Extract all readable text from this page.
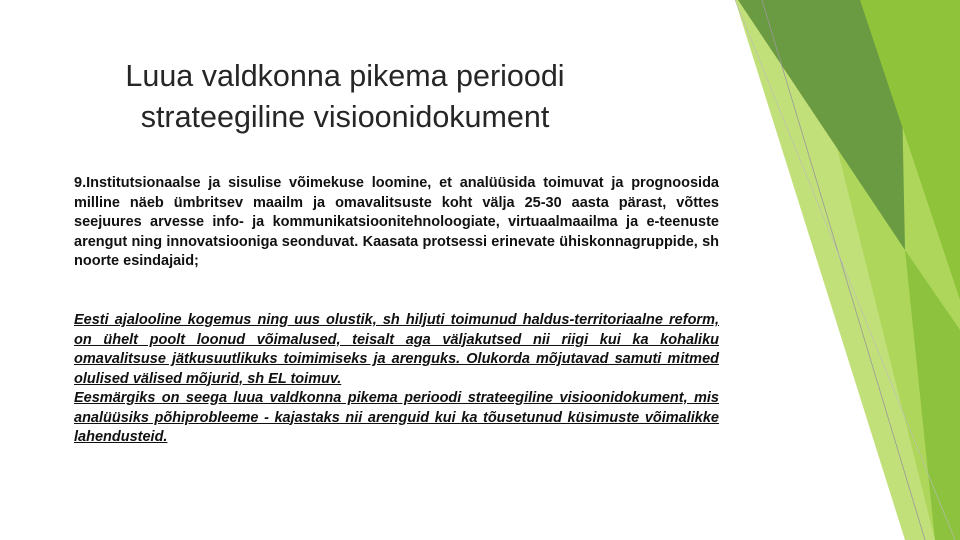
Luua valdkonna pikema perioodi
strateegiline visioonidokument
9.Institutsionaalse ja sisulise võimekuse loomine, et analüüsida toimuvat ja prognoosida milline näeb ümbritsev maailm ja omavalitsuste koht välja 25-30 aasta pärast, võttes seejuures arvesse info- ja kommunikatsioonitehnoloogiate, virtuaalmaailma ja e-teenuste arengut ning innovatsiooniga seonduvat. Kaasata protsessi erinevate ühiskonnagruppide, sh noorte esindajaid;
Eesti ajalooline kogemus ning uus olustik, sh hiljuti toimunud haldus-territoriaalne reform, on ühelt poolt loonud võimalused, teisalt aga väljakutsed nii riigi kui ka kohaliku omavalitsuse jätkusuutlikuks toimimiseks ja arenguks. Olukorda mõjutavad samuti mitmed olulised välised mõjurid, sh EL toimuv.
Eesmärgiks on seega luua valdkonna pikema perioodi strateegiline visioonidokument, mis analüüsiks põhiprobleeme - kajastaks nii arenguid kui ka tõusetunud küsimuste võimalikke lahendusteid.
